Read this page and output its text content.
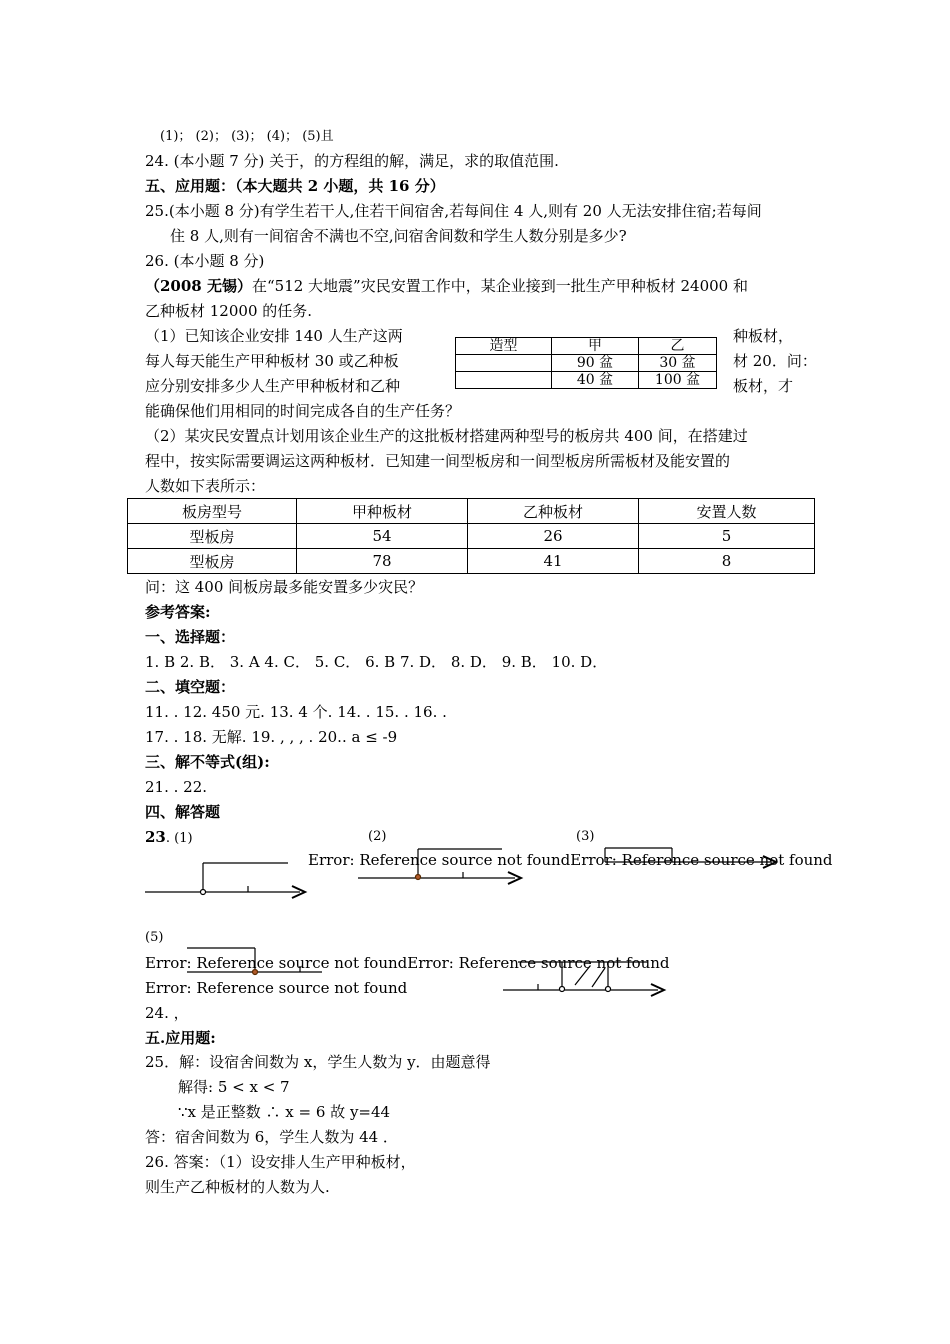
(1)； (2)； (3)； (4)； (5)且
24. (本小题 7 分) 关于，的方程组的解，满足，求的取值范围.
五、应用题：（本大题共 2 小题，共 16 分）
25.(本小题 8 分)有学生若干人,住若干间宿舍,若每间住 4 人,则有 20 人无法安排住宿;若每间
住 8 人,则有一间宿舍不满也不空,问宿舍间数和学生人数分别是多少?
26. (本小题 8 分)
（2008 无锡）在“512 大地震”灾民安置工作中，某企业接到一批生产甲种板材 24000 和
乙种板材 12000 的任务.
（1）已知该企业安排 140 人生产这两	种板材，
每人每天能生产甲种板材 30 或乙种板	材 20．问：
应分别安排多少人生产甲种板材和乙种	板材，才
能确保他们用相同的时间完成各自的生产任务？
造型	甲	乙
	90 盆	30 盆
	40 盆	100 盆
（2）某灾民安置点计划用该企业生产的这批板材搭建两种型号的板房共 400 间，在搭建过
程中，按实际需要调运这两种板材．已知建一间型板房和一间型板房所需板材及能安置的
人数如下表所示：
板房型号	甲种板材	乙种板材	安置人数
型板房	54	26	5
型板房	78	41	8
问：这 400 间板房最多能安置多少灾民？
参考答案:
一、选择题：
1. B 2. B． 3. A 4. C． 5. C． 6. B 7. D． 8. D． 9. B． 10. D．
二、填空题：
11. . 12. 450 元. 13. 4 个. 14. . 15. . 16. .
17. . 18. 无解. 19. , , , . 20.. a ≤ -9
三、解不等式(组):
21. . 22.
四、解答题
23. (1)	(2)	(3)
Error: Reference source not foundError: Reference source not found
(5)
Error: Reference source not foundError: Reference source not found
Error: Reference source not found
24. ，
五.应用题:
25．解：设宿舍间数为 x，学生人数为 y．由题意得
解得: 5 < x < 7
∵x 是正整数 ∴ x = 6 故 y=44
答：宿舍间数为 6，学生人数为 44 ．
26. 答案：（1）设安排人生产甲种板材，
则生产乙种板材的人数为人.
